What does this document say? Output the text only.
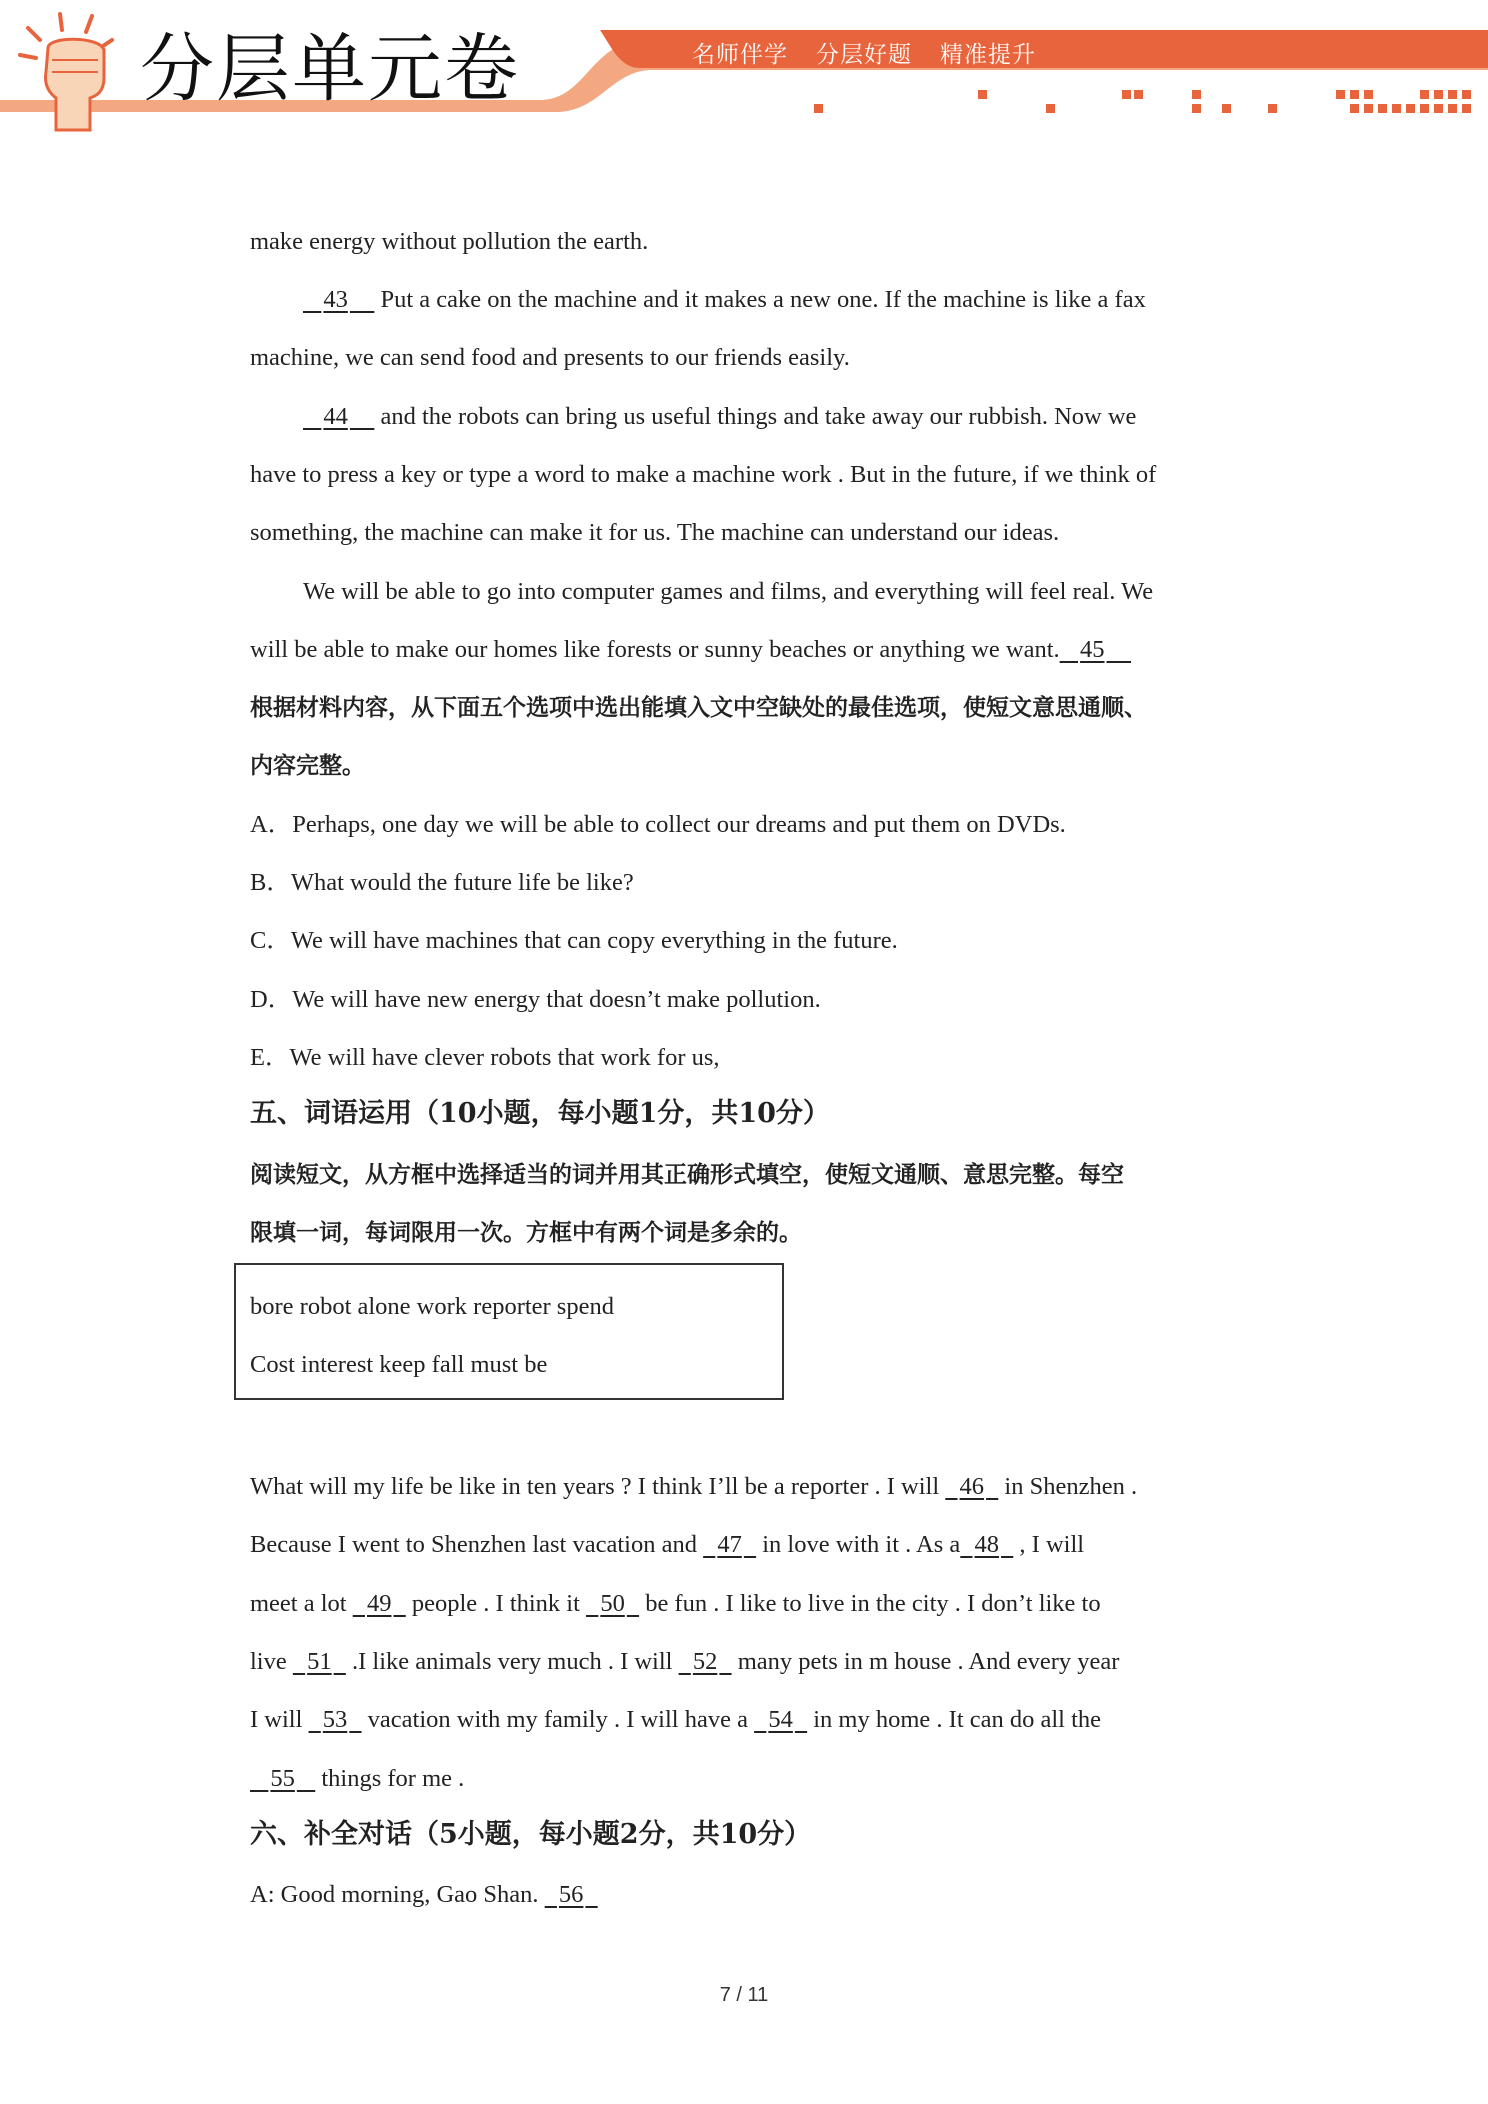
分层单元卷	名师伴学 分层好题 精准提升
make energy without pollution the earth.
43 Put a cake on the machine and it makes a new one. If the machine is like a fax
machine, we can send food and presents to our friends easily.
44 and the robots can bring us useful things and take away our rubbish. Now we
have to press a key or type a word to make a machine work . But in the future, if we think of
something, the machine can make it for us. The machine can understand our ideas.
We will be able to go into computer games and films, and everything will feel real. We
will be able to make our homes like forests or sunny beaches or anything we want. 45
根据材料内容，从下面五个选项中选出能填入文中空缺处的最佳选项，使短文意思通顺、
内容完整。
A．Perhaps, one day we will be able to collect our dreams and put them on DVDs.
B．What would the future life be like?
C．We will have machines that can copy everything in the future.
D．We will have new energy that doesn’t make pollution.
E．We will have clever robots that work for us,
五、词语运用（10小题，每小题1分，共10分）
阅读短文，从方框中选择适当的词并用其正确形式填空，使短文通顺、意思完整。每空
限填一词，每词限用一次。方框中有两个词是多余的。
bore robot alone work reporter spend
Cost interest keep fall must be
What will my life be like in ten years ? I think I’ll be a reporter . I will   46   in Shenzhen .
Because I went to Shenzhen last vacation and   47   in love with it . As a 48   , I will
meet a lot   49   people . I think it   50   be fun . I like to live in the city . I don’t like to
live   51   .I like animals very much . I will   52   many pets in m house . And every year
I will   53   vacation with my family . I will have a   54   in my home . It can do all the
55    things for me .
六、补全对话（5小题，每小题2分，共10分）
A: Good morning, Gao Shan.   56
7 / 11
